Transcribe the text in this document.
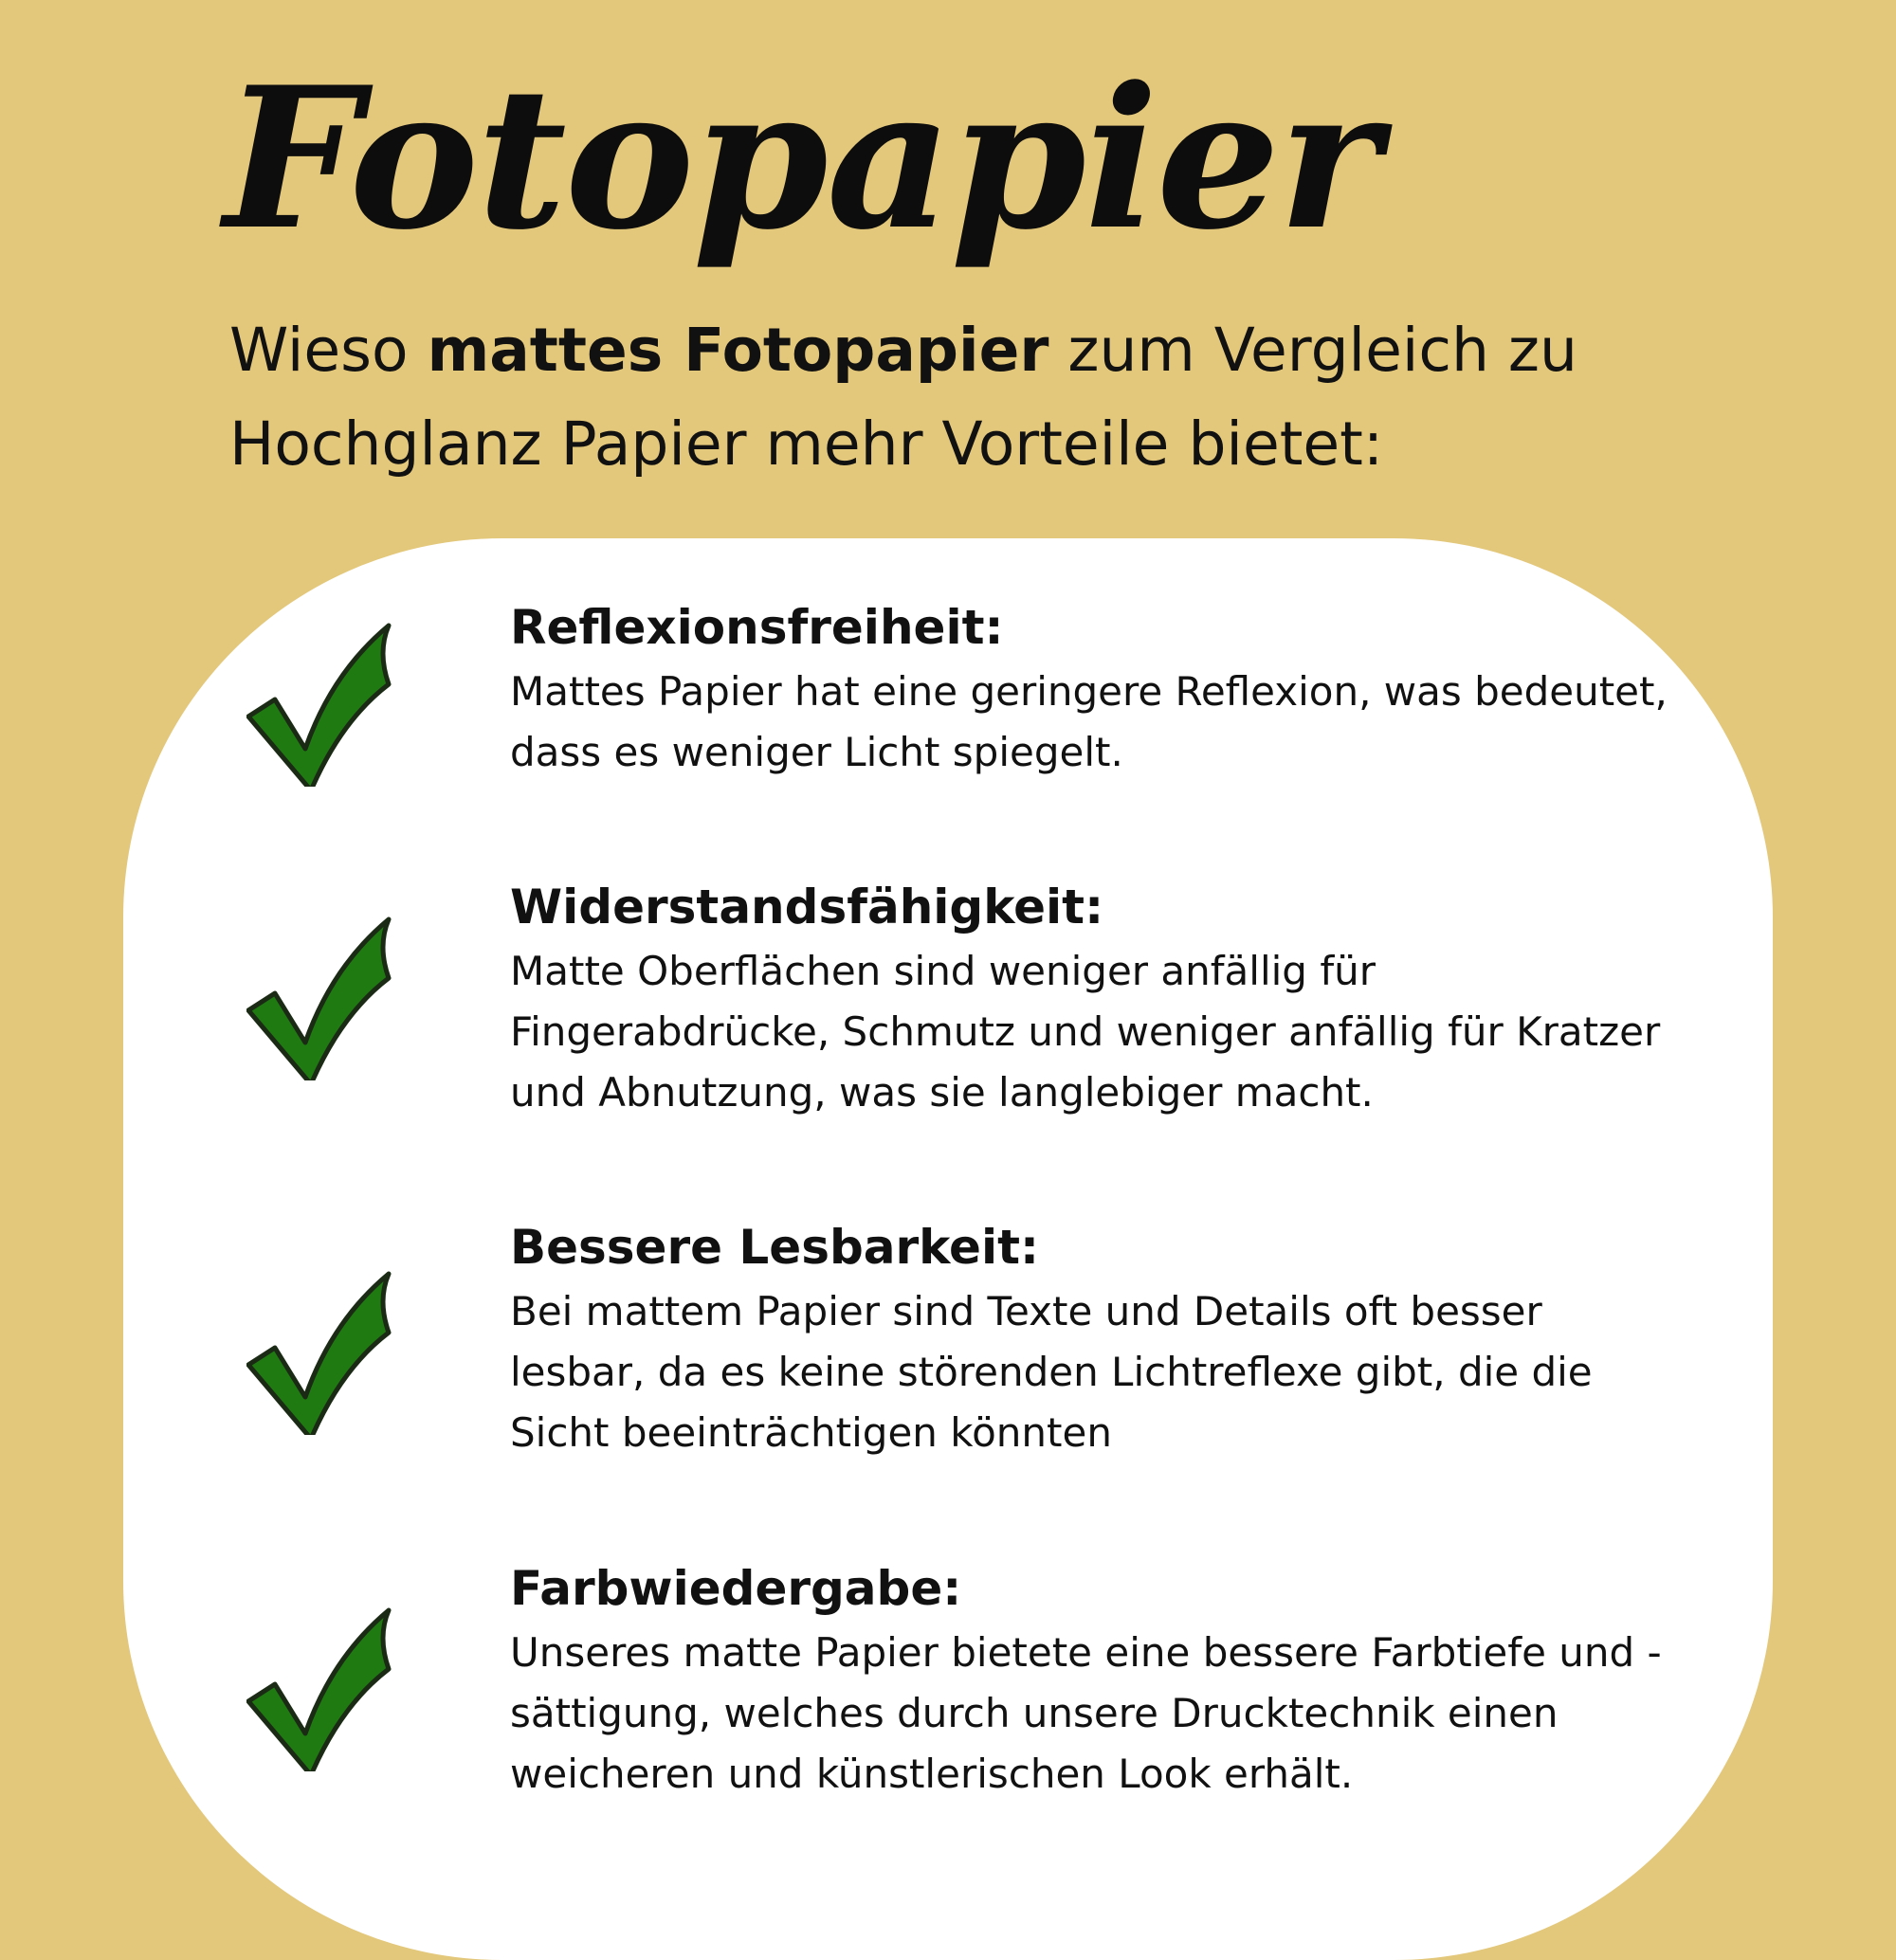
Fotopapier

Wieso mattes Fotopapier zum Vergleich zu Hochglanz Papier mehr Vorteile bietet:

Reflexionsfreiheit:

Mattes Papier hat eine geringere Reflexion, was bedeutet, dass es weniger Licht spiegelt.

Widerstandsfähigkeit:

Matte Oberflächen sind weniger anfällig für Fingerabdrücke, Schmutz und weniger anfällig für Kratzer und Abnutzung, was sie langlebiger macht.

Bessere Lesbarkeit:

Bei mattem Papier sind Texte und Details oft besser lesbar, da es keine störenden Lichtreflexe gibt, die die Sicht beeinträchtigen könnten

Farbwiedergabe:

Unseres matte Papier bietete eine bessere Farbtiefe und -sättigung, welches durch unsere Drucktechnik einen weicheren und künstlerischen Look erhält.
